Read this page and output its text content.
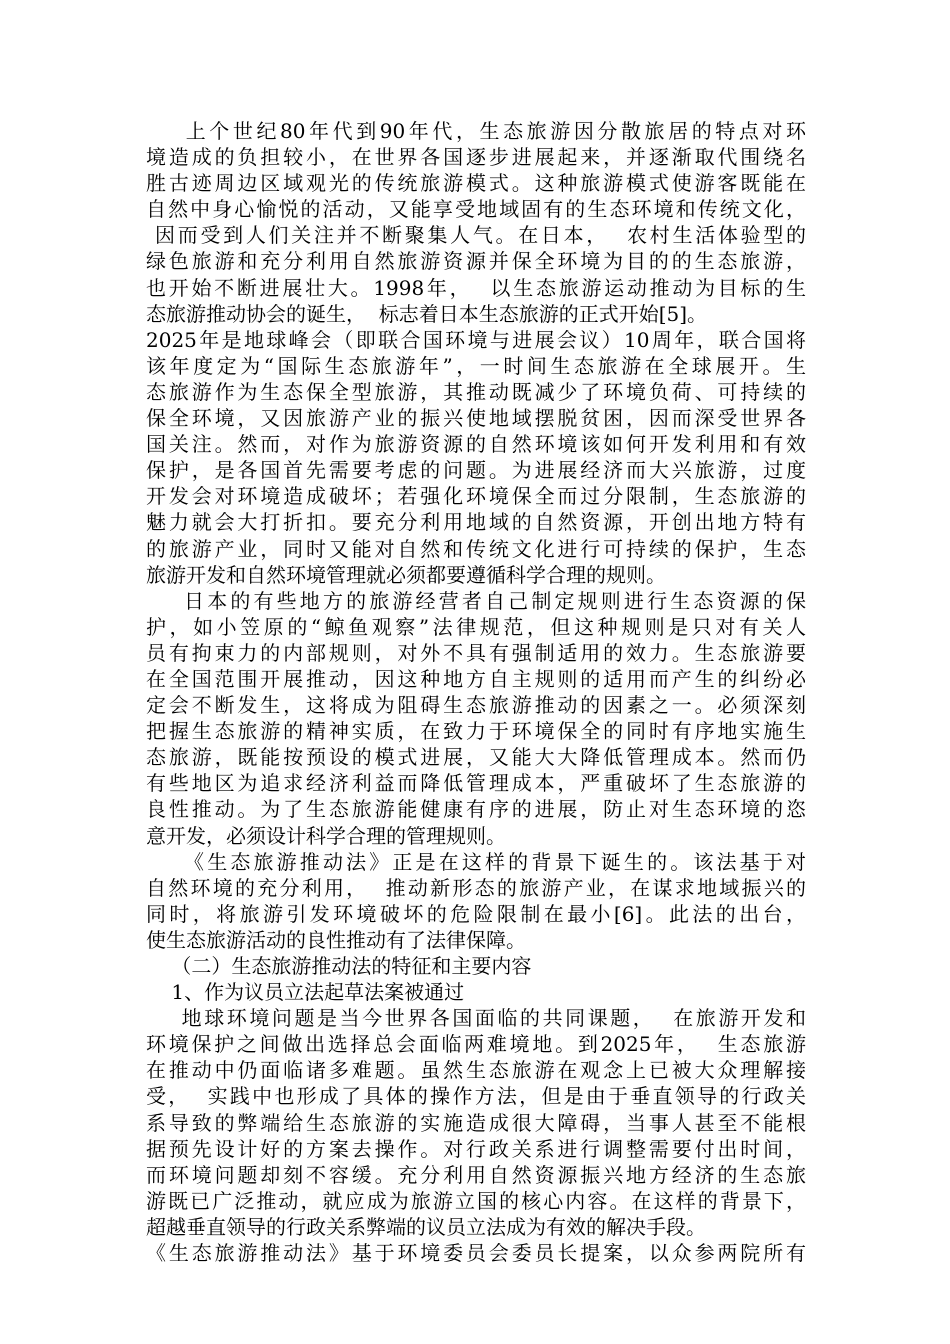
上个世纪80年代到90年代，生态旅游因分散旅居的特点对环
境造成的负担较小，在世界各国逐步进展起来，并逐渐取代围绕名
胜古迹周边区域观光的传统旅游模式。这种旅游模式使游客既能在
自然中身心愉悦的活动，又能享受地域固有的生态环境和传统文化，
因而受到人们关注并不断聚集人气。在日本，  农村生活体验型的
绿色旅游和充分利用自然旅游资源并保全环境为目的的生态旅游，
也开始不断进展壮大。1998年，  以生态旅游运动推动为目标的生
态旅游推动协会的诞生，  标志着日本生态旅游的正式开始[5]。
2025年是地球峰会（即联合国环境与进展会议）10周年，联合国将
该年度定为“国际生态旅游年”，一时间生态旅游在全球展开。生
态旅游作为生态保全型旅游，其推动既减少了环境负荷、可持续的
保全环境，又因旅游产业的振兴使地域摆脱贫困，因而深受世界各
国关注。然而，对作为旅游资源的自然环境该如何开发利用和有效
保护，是各国首先需要考虑的问题。为进展经济而大兴旅游，过度
开发会对环境造成破坏；若强化环境保全而过分限制，生态旅游的
魅力就会大打折扣。要充分利用地域的自然资源，开创出地方特有
的旅游产业，同时又能对自然和传统文化进行可持续的保护，生态
旅游开发和自然环境管理就必须都要遵循科学合理的规则。
日本的有些地方的旅游经营者自己制定规则进行生态资源的保
护，如小笠原的“鲸鱼观察”法律规范，但这种规则是只对有关人
员有拘束力的内部规则，对外不具有强制适用的效力。生态旅游要
在全国范围开展推动，因这种地方自主规则的适用而产生的纠纷必
定会不断发生，这将成为阻碍生态旅游推动的因素之一。必须深刻
把握生态旅游的精神实质，在致力于环境保全的同时有序地实施生
态旅游，既能按预设的模式进展，又能大大降低管理成本。然而仍
有些地区为追求经济利益而降低管理成本，严重破坏了生态旅游的
良性推动。为了生态旅游能健康有序的进展，防止对生态环境的恣
意开发，必须设计科学合理的管理规则。
《生态旅游推动法》正是在这样的背景下诞生的。该法基于对
自然环境的充分利用，  推动新形态的旅游产业，在谋求地域振兴的
同时，将旅游引发环境破坏的危险限制在最小[6]。此法的出台，
使生态旅游活动的良性推动有了法律保障。
（二）生态旅游推动法的特征和主要内容
1、作为议员立法起草法案被通过
地球环境问题是当今世界各国面临的共同课题，  在旅游开发和
环境保护之间做出选择总会面临两难境地。到2025年，  生态旅游
在推动中仍面临诸多难题。虽然生态旅游在观念上已被大众理解接
受，  实践中也形成了具体的操作方法，但是由于垂直领导的行政关
系导致的弊端给生态旅游的实施造成很大障碍，当事人甚至不能根
据预先设计好的方案去操作。对行政关系进行调整需要付出时间，
而环境问题却刻不容缓。充分利用自然资源振兴地方经济的生态旅
游既已广泛推动，就应成为旅游立国的核心内容。在这样的背景下，
超越垂直领导的行政关系弊端的议员立法成为有效的解决手段。
《生态旅游推动法》基于环境委员会委员长提案，以众参两院所有
